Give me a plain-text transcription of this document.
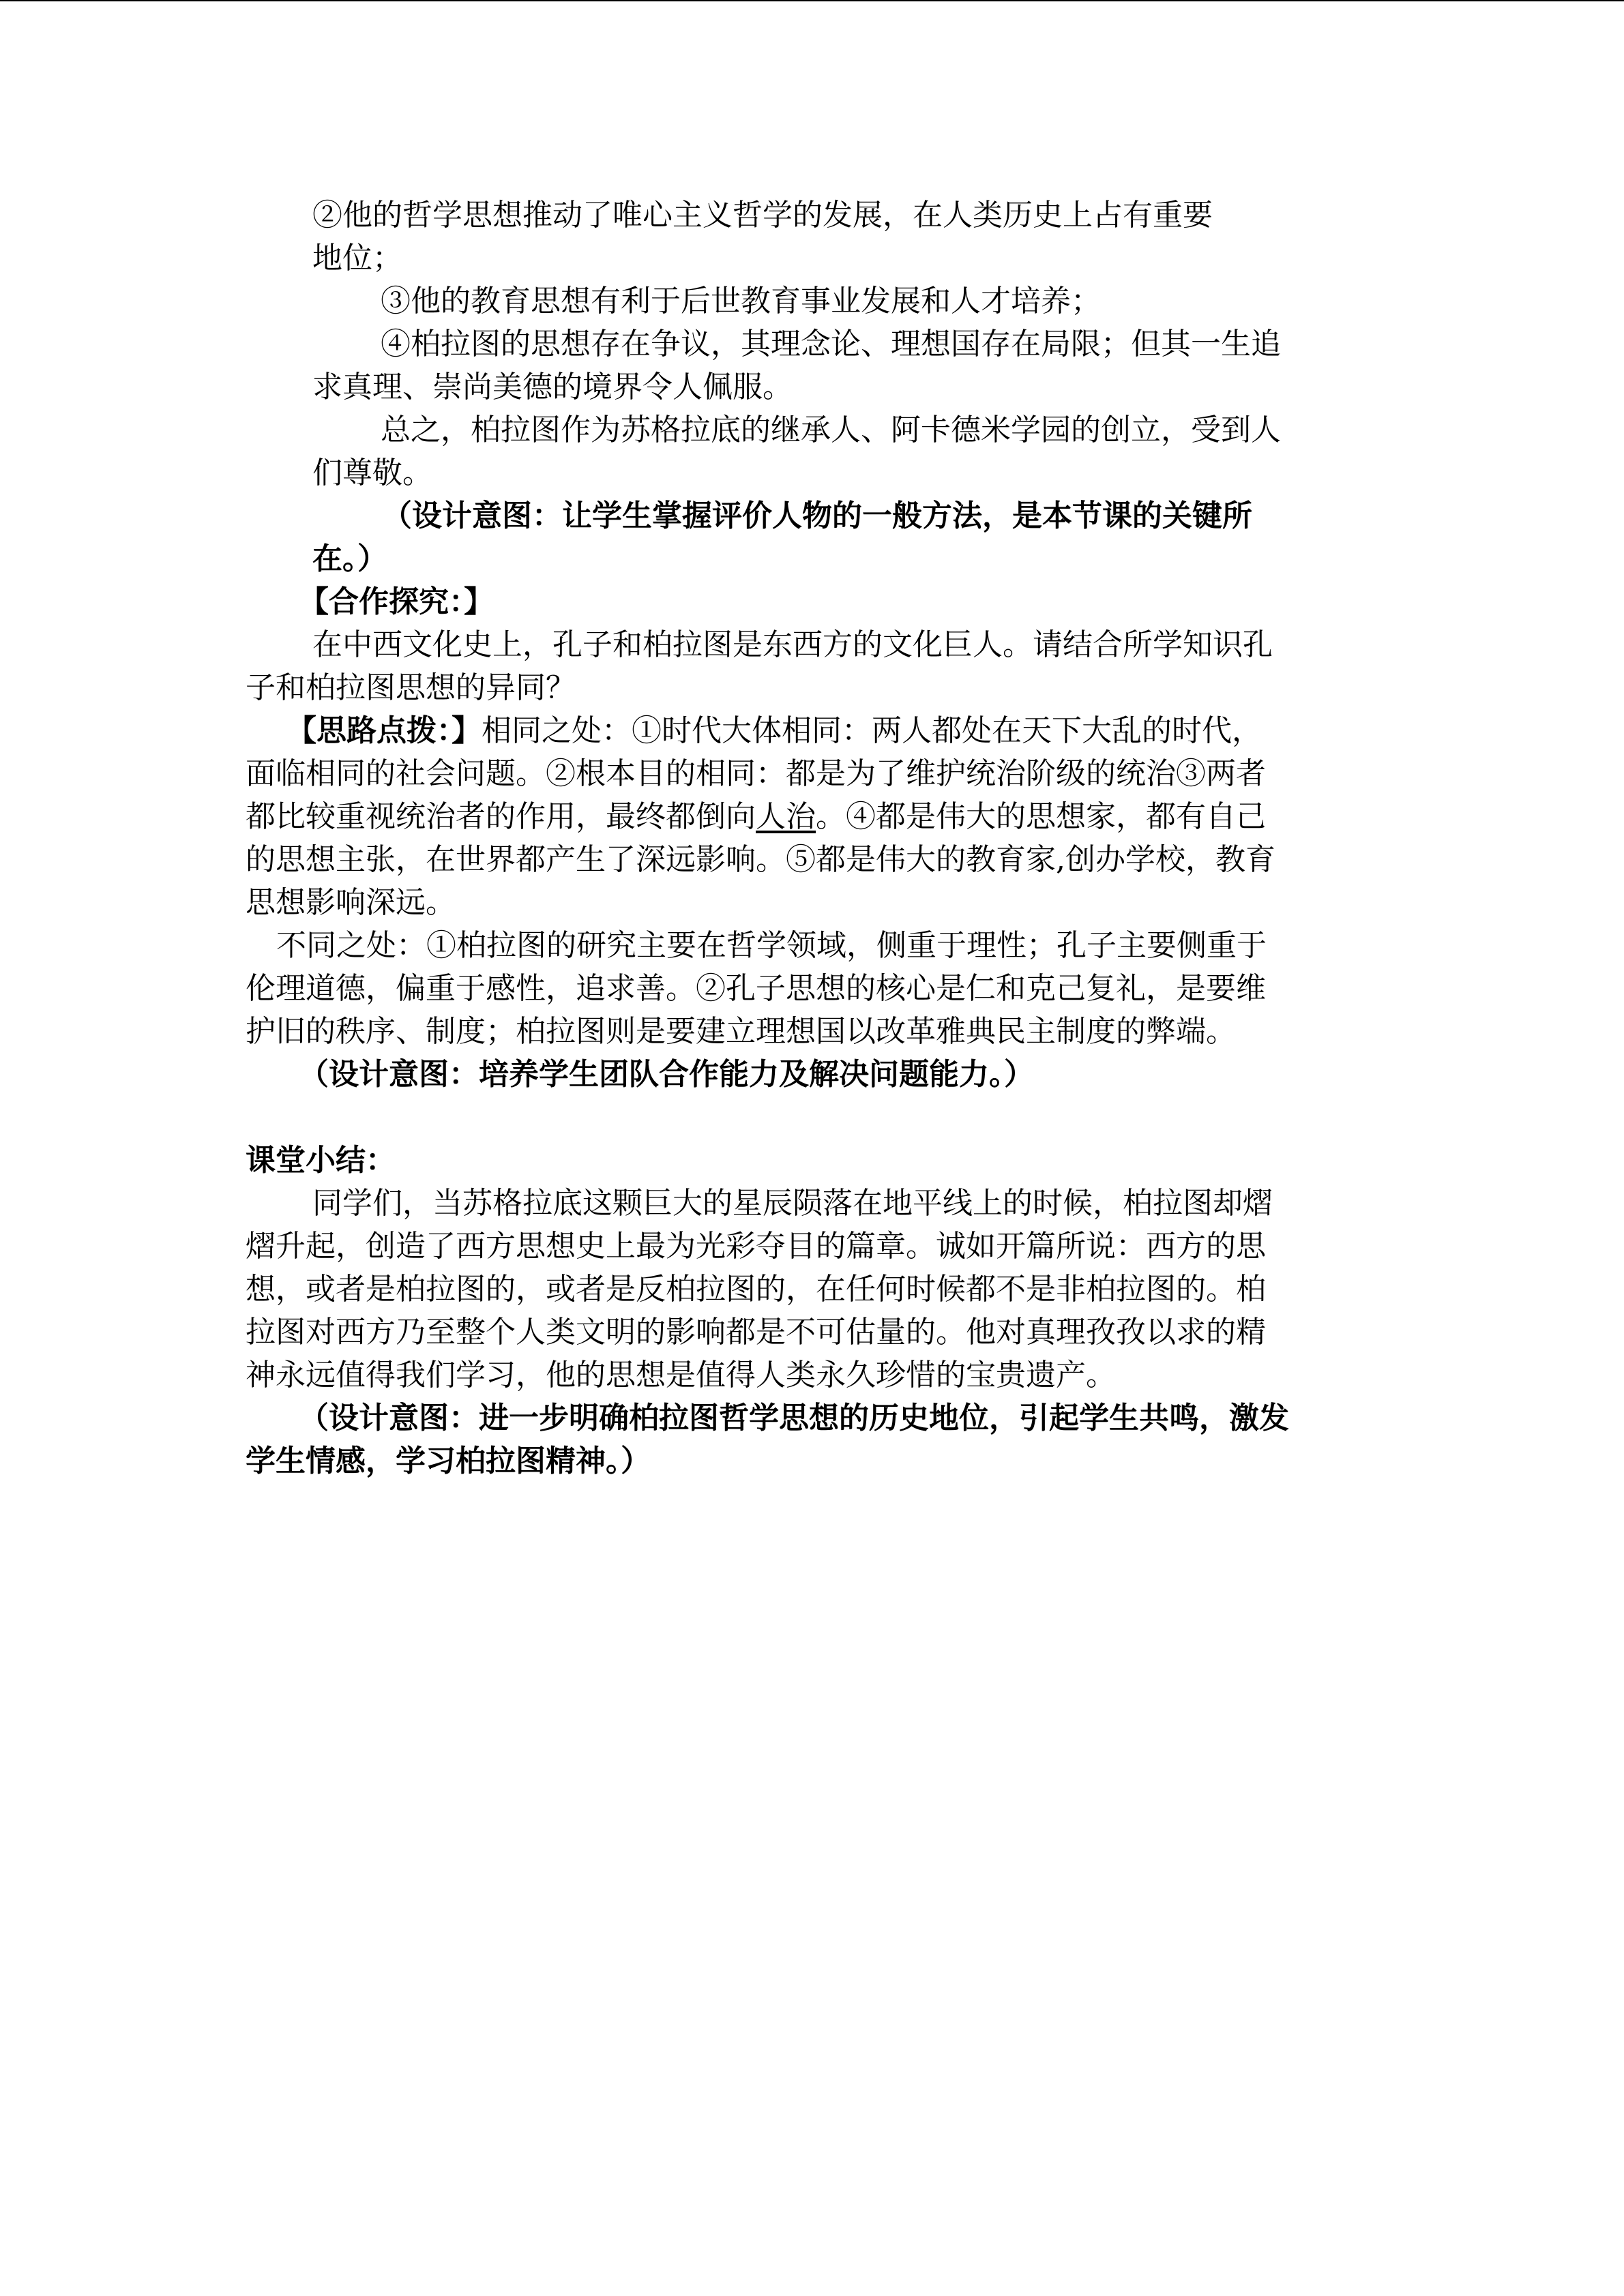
②他的哲学思想推动了唯心主义哲学的发展，在人类历史上占有重要
地位；
③他的教育思想有利于后世教育事业发展和人才培养；
④柏拉图的思想存在争议，其理念论、理想国存在局限；但其一生追
求真理、崇尚美德的境界令人佩服。
总之，柏拉图作为苏格拉底的继承人、阿卡德米学园的创立，受到人
们尊敬。
（设计意图：让学生掌握评价人物的一般方法，是本节课的关键所
在。）
【合作探究：】
在中西文化史上，孔子和柏拉图是东西方的文化巨人。请结合所学知识孔
子和柏拉图思想的异同？
【思路点拨：】相同之处：①时代大体相同：两人都处在天下大乱的时代，
面临相同的社会问题。②根本目的相同：都是为了维护统治阶级的统治③两者
都比较重视统治者的作用，最终都倒向人治。④都是伟大的思想家，都有自己
的思想主张，在世界都产生了深远影响。⑤都是伟大的教育家,创办学校，教育
思想影响深远。
不同之处：①柏拉图的研究主要在哲学领域，侧重于理性；孔子主要侧重于
伦理道德，偏重于感性，追求善。②孔子思想的核心是仁和克己复礼，是要维
护旧的秩序、制度；柏拉图则是要建立理想国以改革雅典民主制度的弊端。
（设计意图：培养学生团队合作能力及解决问题能力。）
课堂小结：
同学们，当苏格拉底这颗巨大的星辰陨落在地平线上的时候，柏拉图却熠
熠升起，创造了西方思想史上最为光彩夺目的篇章。诚如开篇所说：西方的思
想，或者是柏拉图的，或者是反柏拉图的，在任何时候都不是非柏拉图的。柏
拉图对西方乃至整个人类文明的影响都是不可估量的。他对真理孜孜以求的精
神永远值得我们学习，他的思想是值得人类永久珍惜的宝贵遗产。
（设计意图：进一步明确柏拉图哲学思想的历史地位，引起学生共鸣，激发
学生情感，学习柏拉图精神。）
